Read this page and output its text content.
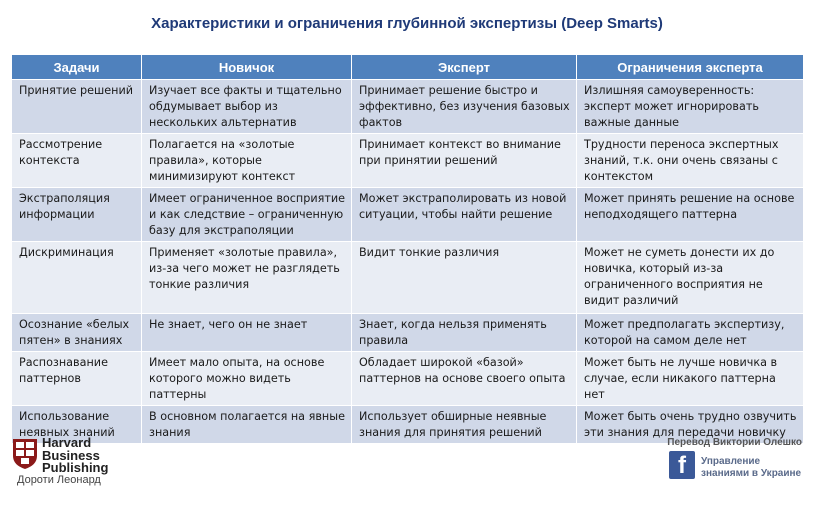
Характеристики и ограничения глубинной экспертизы (Deep Smarts)
Задачи	Новичок	Эксперт	Ограничения эксперта
Принятие решений	Изучает все факты и тщательно обдумывает выбор из нескольких альтернатив	Принимает решение быстро и эффективно, без изучения базовых фактов	Излишняя самоуверенность: эксперт может игнорировать важные данные
Рассмотрение контекста	Полагается на «золотые правила», которые минимизируют контекст	Принимает контекст во внимание при принятии решений	Трудности переноса экспертных знаний, т.к. они очень связаны с контекстом
Экстраполяция информации	Имеет ограниченное восприятие и как следствие – ограниченную базу для экстраполяции	Может экстраполировать из новой ситуации, чтобы найти решение	Может принять решение на основе неподходящего паттерна
Дискриминация	Применяет «золотые правила», из-за чего может не разглядеть тонкие различия	Видит тонкие различия	Может не суметь донести их до новичка, который из-за ограниченного восприятия не видит различий
Осознание «белых пятен» в знаниях	Не знает, чего он не знает	Знает, когда нельзя применять правила	Может предполагать экспертизу, которой на самом деле нет
Распознавание паттернов	Имеет мало опыта, на основе которого можно видеть паттерны	Обладает широкой «базой» паттернов на основе своего опыта	Может быть не лучше новичка в случае, если никакого паттерна нет
Использование неявных знаний	В основном полагается на явные знания	Использует обширные неявные знания для принятия решений	Может быть очень трудно озвучить эти знания для передачи новичку
Harvard
Business
Publishing
Дороти Леонард
Перевод Виктории Олешко
f Управление
знаниями в Украине
